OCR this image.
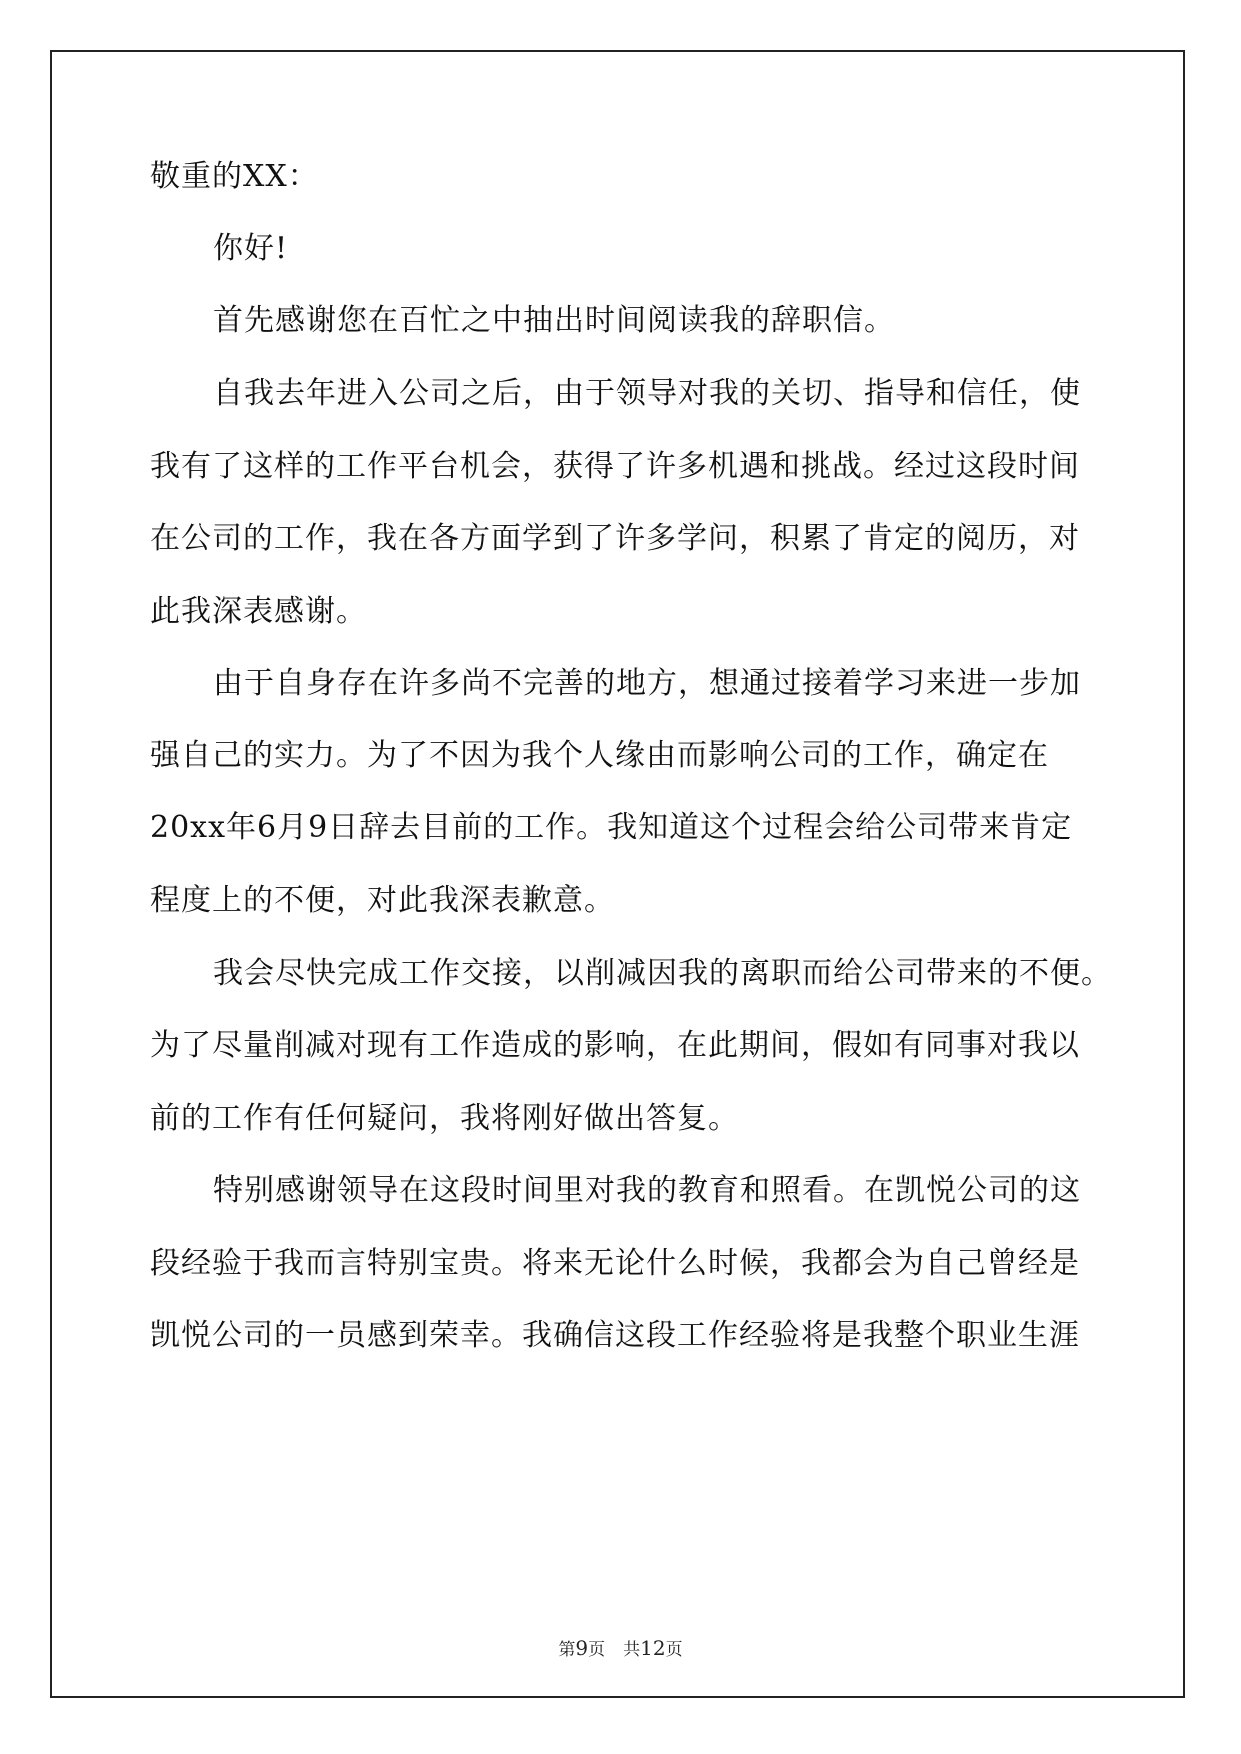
敬重的XX：
你好!
首先感谢您在百忙之中抽出时间阅读我的辞职信。
自我去年进入公司之后，由于领导对我的关切、指导和信任，使
我有了这样的工作平台机会，获得了许多机遇和挑战。经过这段时间
在公司的工作，我在各方面学到了许多学问，积累了肯定的阅历，对
此我深表感谢。
由于自身存在许多尚不完善的地方，想通过接着学习来进一步加
强自己的实力。为了不因为我个人缘由而影响公司的工作，确定在
20xx年6月9日辞去目前的工作。我知道这个过程会给公司带来肯定
程度上的不便，对此我深表歉意。
我会尽快完成工作交接，以削减因我的离职而给公司带来的不便。
为了尽量削减对现有工作造成的影响，在此期间，假如有同事对我以
前的工作有任何疑问，我将刚好做出答复。
特别感谢领导在这段时间里对我的教育和照看。在凯悦公司的这
段经验于我而言特别宝贵。将来无论什么时候，我都会为自己曾经是
凯悦公司的一员感到荣幸。我确信这段工作经验将是我整个职业生涯
第9页 共12页
